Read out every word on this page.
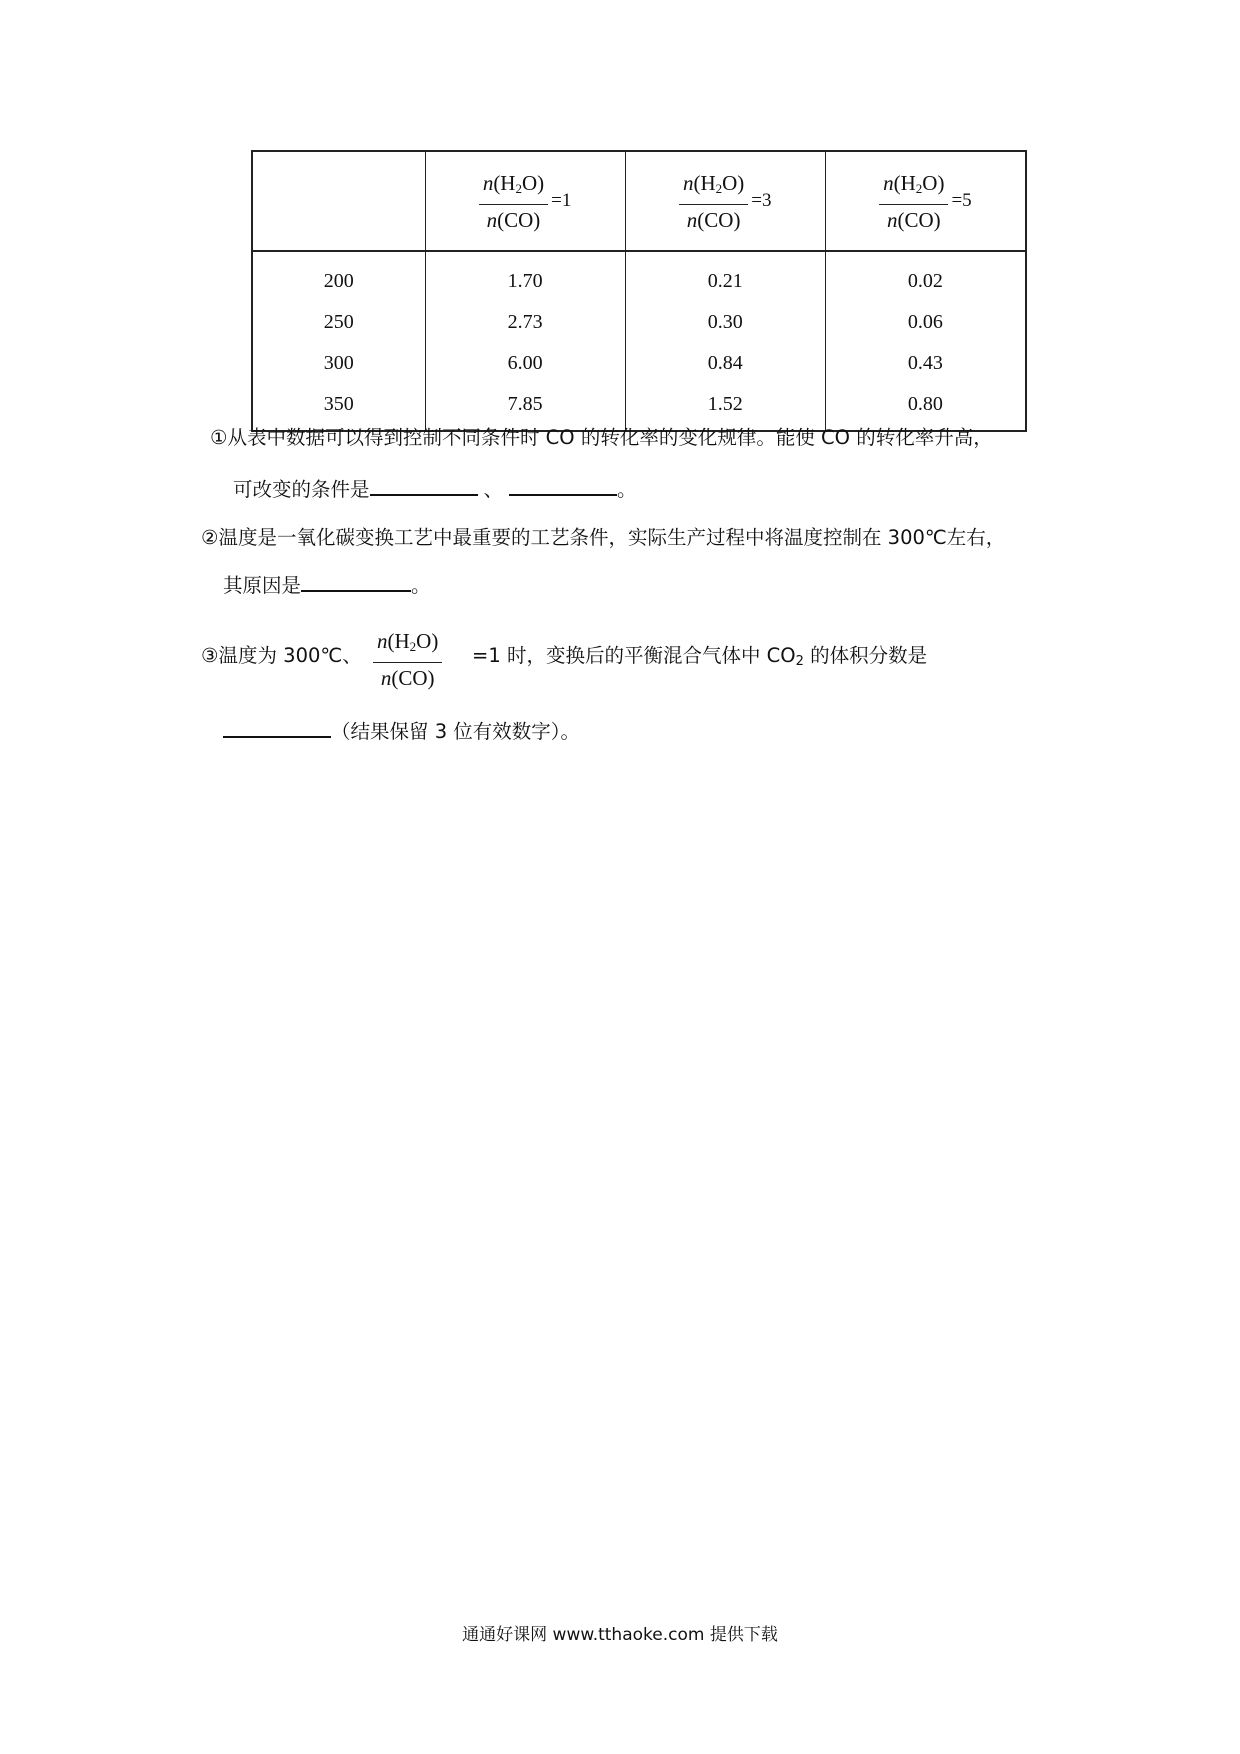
	$\frac{n(H_2O)}{n(CO)} =1$	$\frac{n(H_2O)}{n(CO)} =3$	$\frac{n(H_2O)}{n(CO)} =5$

200	1.70	0.21	0.02
250	2.73	0.30	0.06
300	6.00	0.84	0.43
350	7.85	1.52	0.80
①从表中数据可以得到控制不同条件时 CO 的转化率的变化规律。能使 CO 的转化率升高，
可改变的条件是	、	。
②温度是一氧化碳变换工艺中最重要的工艺条件，实际生产过程中将温度控制在 300℃左右，
其原因是	。
③温度为 300℃、 $\frac{n(H_2O)}{n(CO)} =1$ 时，变换后的平衡混合气体中 $CO_2$ 的体积分数是
（结果保留 3 位有效数字）。
通通好课网 www.tthaoke.com 提供下载
